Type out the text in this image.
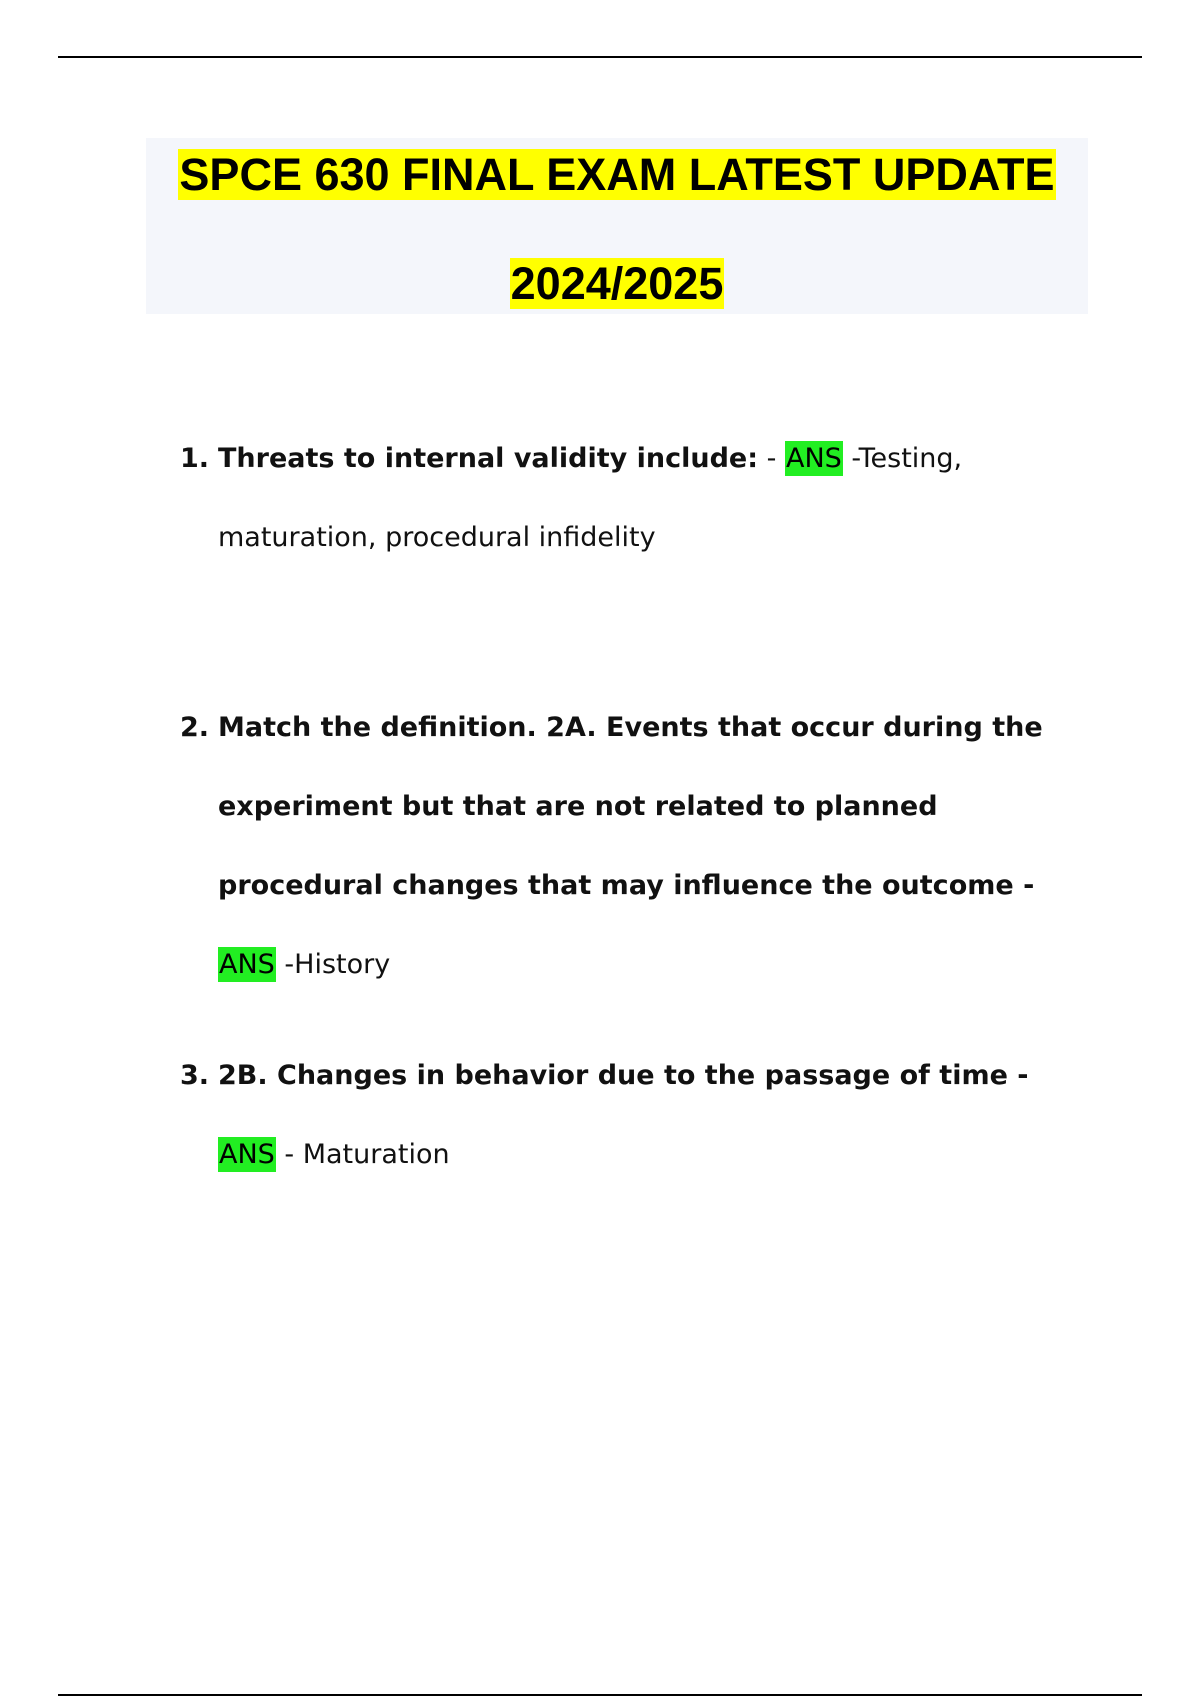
SPCE 630 FINAL EXAM LATEST UPDATE
2024/2025
1. Threats to internal validity include: - ANS -Testing, maturation, procedural infidelity
2. Match the definition. 2A. Events that occur during the experiment but that are not related to planned procedural changes that may influence the outcome - ANS -History
3. 2B. Changes in behavior due to the passage of time - ANS - Maturation
